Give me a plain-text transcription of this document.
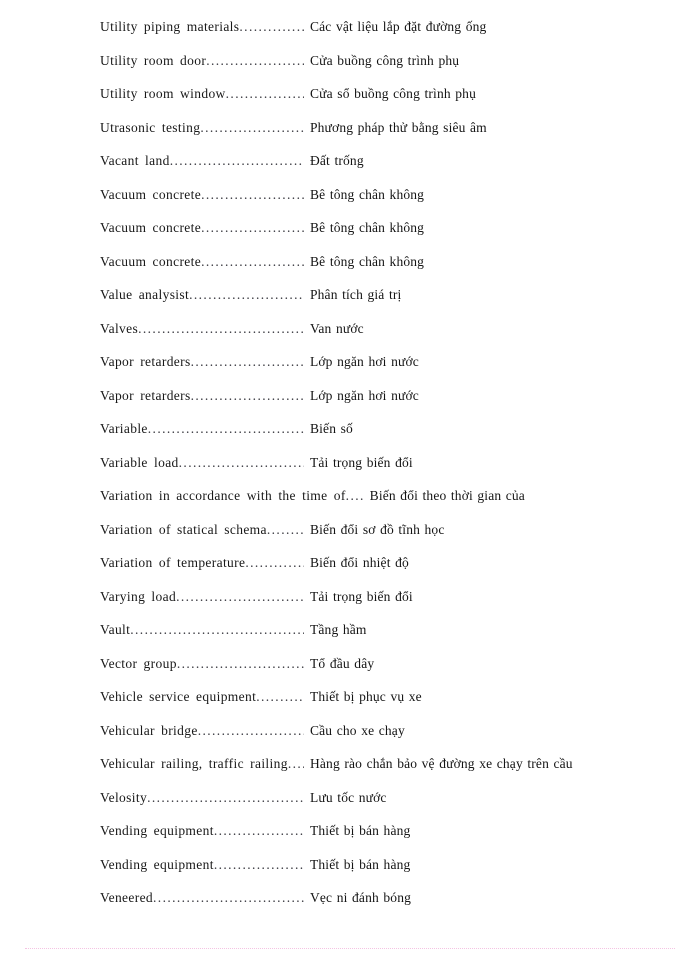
Utility piping materials .....	Các vật liệu lắp đặt đường ống
Utility room door .....	Cửa buồng công trình phụ
Utility room window .....	Cửa sổ buồng công trình phụ
Utrasonic testing .....	Phương pháp thử bằng siêu âm
Vacant land .....	Đất trống
Vacuum concrete .....	Bê tông chân không
Vacuum concrete .....	Bê tông chân không
Vacuum concrete .....	Bê tông chân không
Value analysist .....	Phân tích giá trị
Valves .....	Van nước
Vapor retarders .....	Lớp ngăn hơi nước
Vapor retarders .....	Lớp ngăn hơi nước
Variable .....	Biến số
Variable load .....	Tải trọng biến đổi
Variation in accordance with the time of .....	Biến đổi theo thời gian của
Variation of statical schema .....	Biến đổi sơ đồ tĩnh học
Variation of temperature .....	Biến đổi nhiệt độ
Varying load .....	Tải trọng biến đổi
Vault .....	Tầng hầm
Vector group .....	Tổ đầu dây
Vehicle service equipment .....	Thiết bị phục vụ xe
Vehicular bridge .....	Cầu cho xe chạy
Vehicular railing, traffic railing .....	Hàng rào chắn bảo vệ đường xe chạy trên cầu
Velosity .....	Lưu tốc nước
Vending equipment .....	Thiết bị bán hàng
Vending equipment .....	Thiết bị bán hàng
Veneered .....	Vẹc ni đánh bóng
